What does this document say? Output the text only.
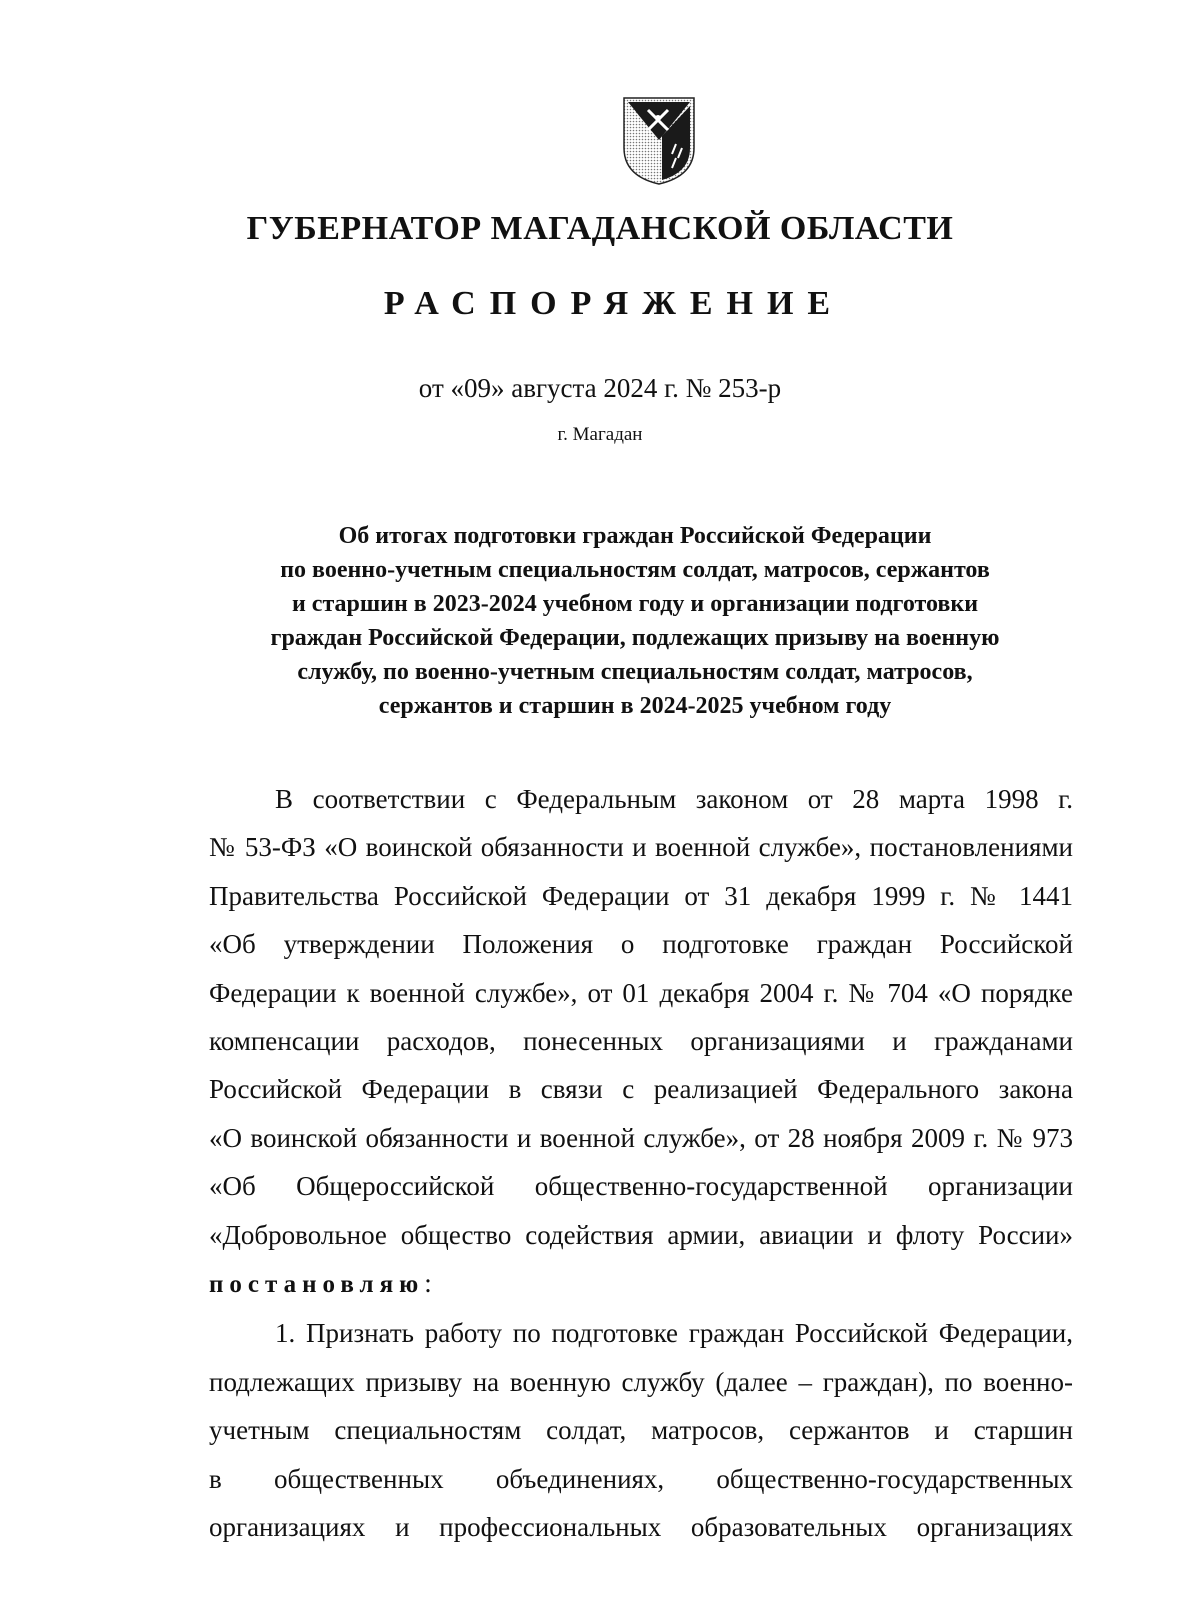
ГУБЕРНАТОР МАГАДАНСКОЙ ОБЛАСТИ
РАСПОРЯЖЕНИЕ
от «09» августа 2024 г. № 253-р
г. Магадан
Об итогах подготовки граждан Российской Федерации
по военно-учетным специальностям солдат, матросов, сержантов
и старшин в 2023-2024 учебном году и организации подготовки
граждан Российской Федерации, подлежащих призыву на военную
службу, по военно-учетным специальностям солдат, матросов,
сержантов и старшин в 2024-2025 учебном году

В соответствии с Федеральным законом от 28 марта 1998 г.

№ 53-ФЗ «О воинской обязанности и военной службе», постановлениями

Правительства Российской Федерации от 31 декабря 1999 г. № 1441

«Об утверждении Положения о подготовке граждан Российской

Федерации к военной службе», от 01 декабря 2004 г. № 704 «О порядке

компенсации расходов, понесенных организациями и гражданами

Российской Федерации в связи с реализацией Федерального закона

«О воинской обязанности и военной службе», от 28 ноября 2009 г. № 973

«Об Общероссийской общественно-государственной организации

«Добровольное общество содействия армии, авиации и флоту России»

постановляю:

1. Признать работу по подготовке граждан Российской Федерации,

подлежащих призыву на военную службу (далее – граждан), по военно-

учетным специальностям солдат, матросов, сержантов и старшин

в общественных объединениях, общественно-государственных

организациях и профессиональных образовательных организациях
